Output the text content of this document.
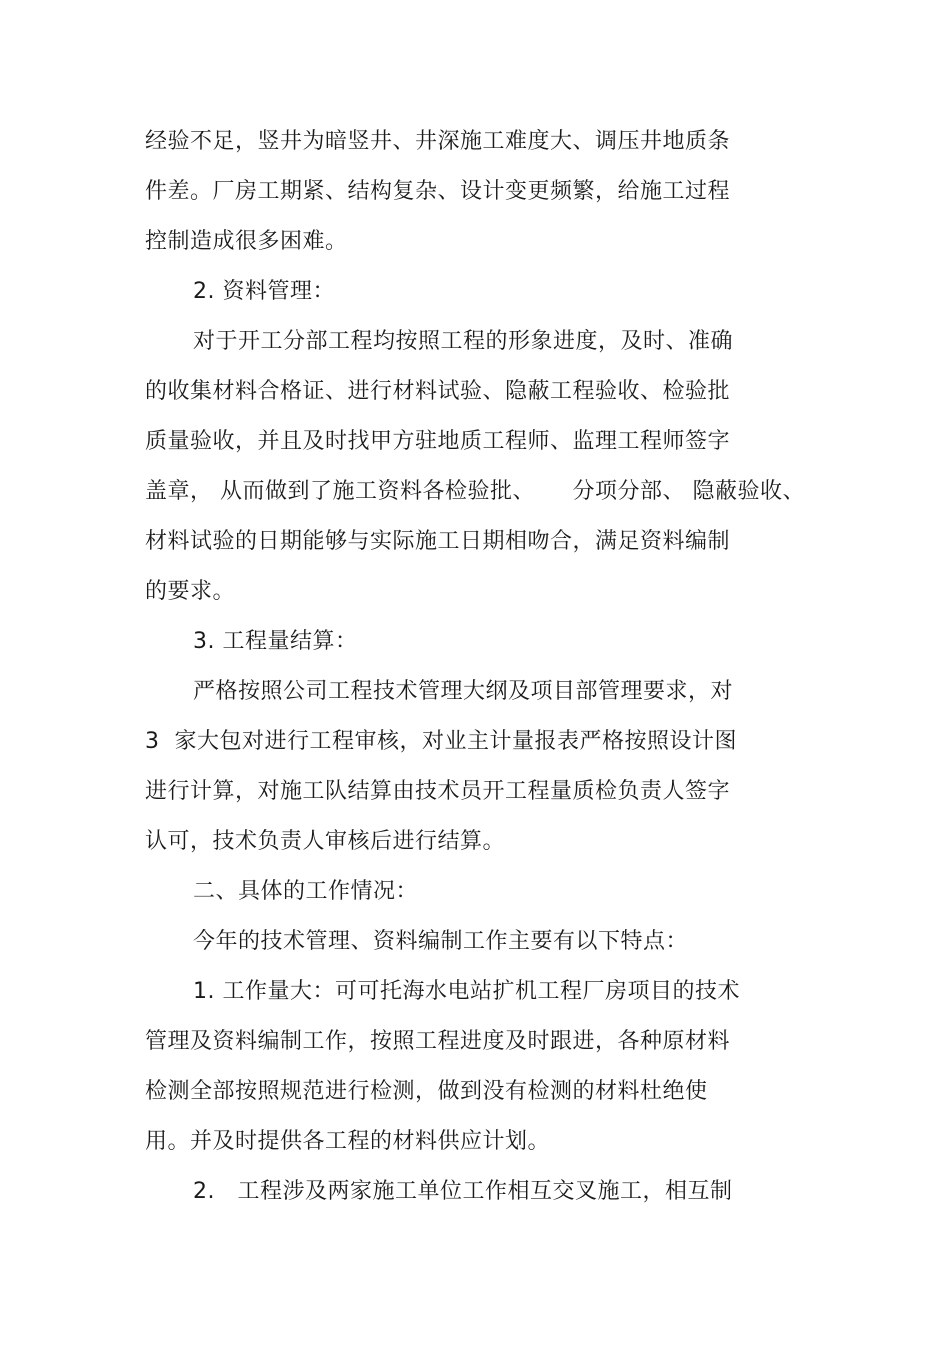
经验不足，竖井为暗竖井、井深施工难度大、调压井地质条
件差。厂房工期紧、结构复杂、设计变更频繁，给施工过程
控制造成很多困难。
2. 资料管理：
对于开工分部工程均按照工程的形象进度，及时、准确
的收集材料合格证、进行材料试验、隐蔽工程验收、检验批
质量验收，并且及时找甲方驻地质工程师、监理工程师签字
盖章， 从而做到了施工资料各检验批、     分项分部、 隐蔽验收、
材料试验的日期能够与实际施工日期相吻合，满足资料编制
的要求。
3. 工程量结算：
严格按照公司工程技术管理大纲及项目部管理要求，对
3  家大包对进行工程审核，对业主计量报表严格按照设计图
进行计算，对施工队结算由技术员开工程量质检负责人签字
认可，技术负责人审核后进行结算。
二、具体的工作情况：
今年的技术管理、资料编制工作主要有以下特点：
1. 工作量大：可可托海水电站扩机工程厂房项目的技术
管理及资料编制工作，按照工程进度及时跟进，各种原材料
检测全部按照规范进行检测，做到没有检测的材料杜绝使
用。并及时提供各工程的材料供应计划。
2.   工程涉及两家施工单位工作相互交叉施工，相互制
